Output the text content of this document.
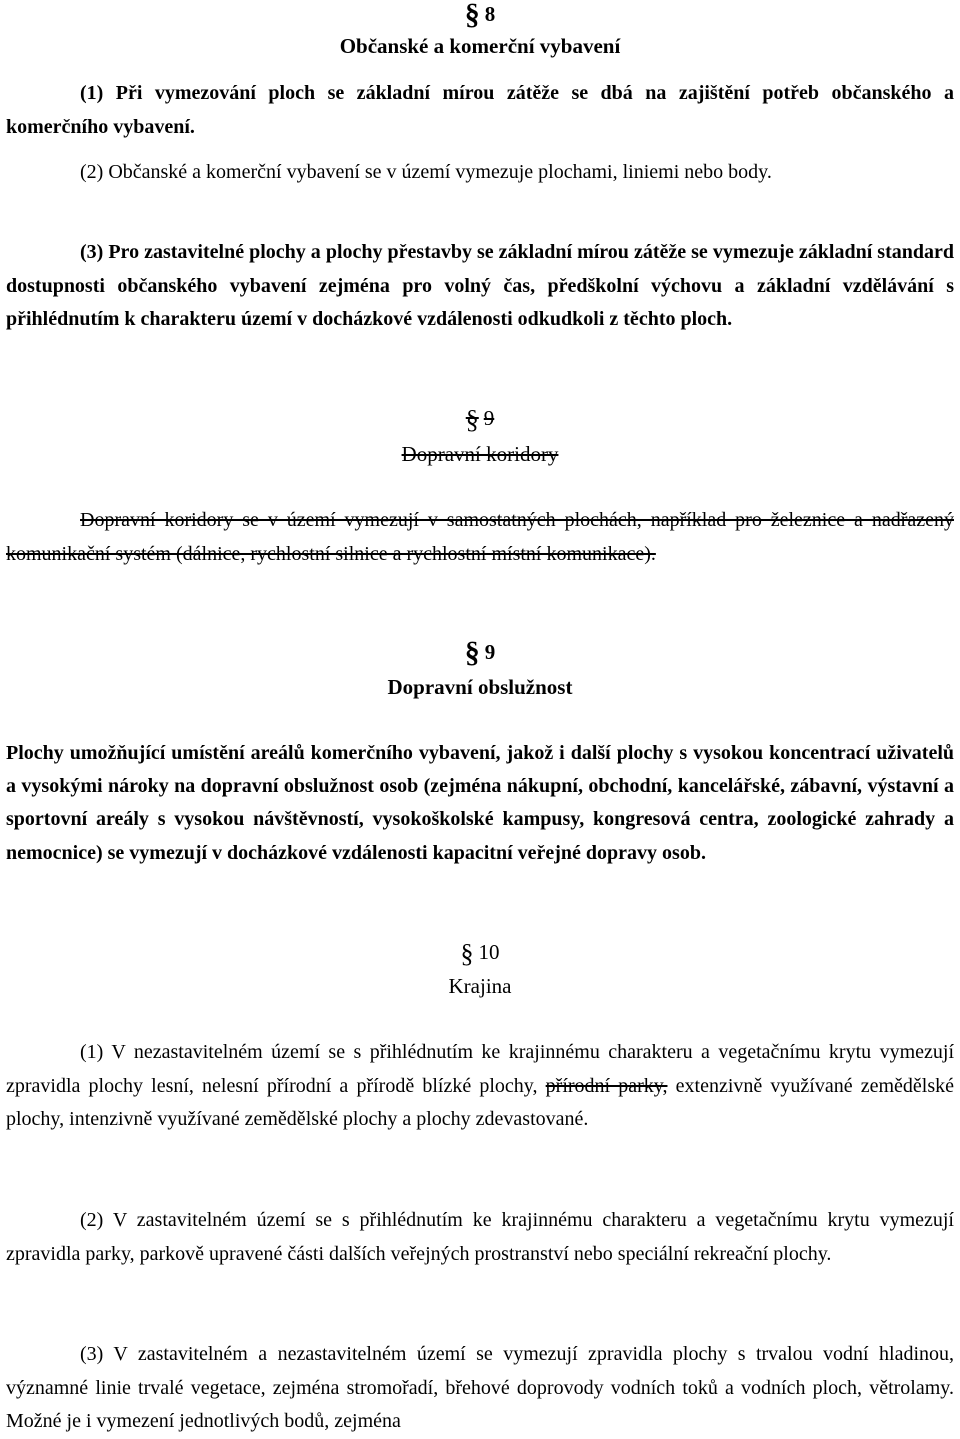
§ 8
Občanské a komerční vybavení

(1) Při vymezování ploch se základní mírou zátěže se dbá na zajištění potřeb občanského a komerčního vybavení.

(2) Občanské a komerční vybavení se v území vymezuje plochami, liniemi nebo body.

(3) Pro zastavitelné plochy a plochy přestavby se základní mírou zátěže se vymezuje základní standard dostupnosti občanského vybavení zejména pro volný čas, předškolní výchovu a základní vzdělávání s přihlédnutím k charakteru území v docházkové vzdálenosti odkudkoli z těchto ploch.

§ 9
Dopravní koridory

Dopravní koridory se v území vymezují v samostatných plochách, například pro železnice a nadřazený komunikační systém (dálnice, rychlostní silnice a rychlostní místní komunikace).

§ 9
Dopravní obslužnost

Plochy umožňující umístění areálů komerčního vybavení, jakož i další plochy s vysokou koncentrací uživatelů a vysokými nároky na dopravní obslužnost osob (zejména nákupní, obchodní, kancelářské, zábavní, výstavní a sportovní areály s vysokou návštěvností, vysokoškolské kampusy, kongresová centra, zoologické zahrady a nemocnice) se vymezují v docházkové vzdálenosti kapacitní veřejné dopravy osob.

§ 10
Krajina

(1) V nezastavitelném území se s přihlédnutím ke krajinnému charakteru a vegetačnímu krytu vymezují zpravidla plochy lesní, nelesní přírodní a přírodě blízké plochy, přírodní parky, extenzivně využívané zemědělské plochy, intenzivně využívané zemědělské plochy a plochy zdevastované.

(2) V zastavitelném území se s přihlédnutím ke krajinnému charakteru a vegetačnímu krytu vymezují zpravidla parky, parkově upravené části dalších veřejných prostranství nebo speciální rekreační plochy.

(3) V zastavitelném a nezastavitelném území se vymezují zpravidla plochy s trvalou vodní hladinou, významné linie trvalé vegetace, zejména stromořadí, břehové doprovody vodních toků a vodních ploch, větrolamy. Možné je i vymezení jednotlivých bodů, zejména
